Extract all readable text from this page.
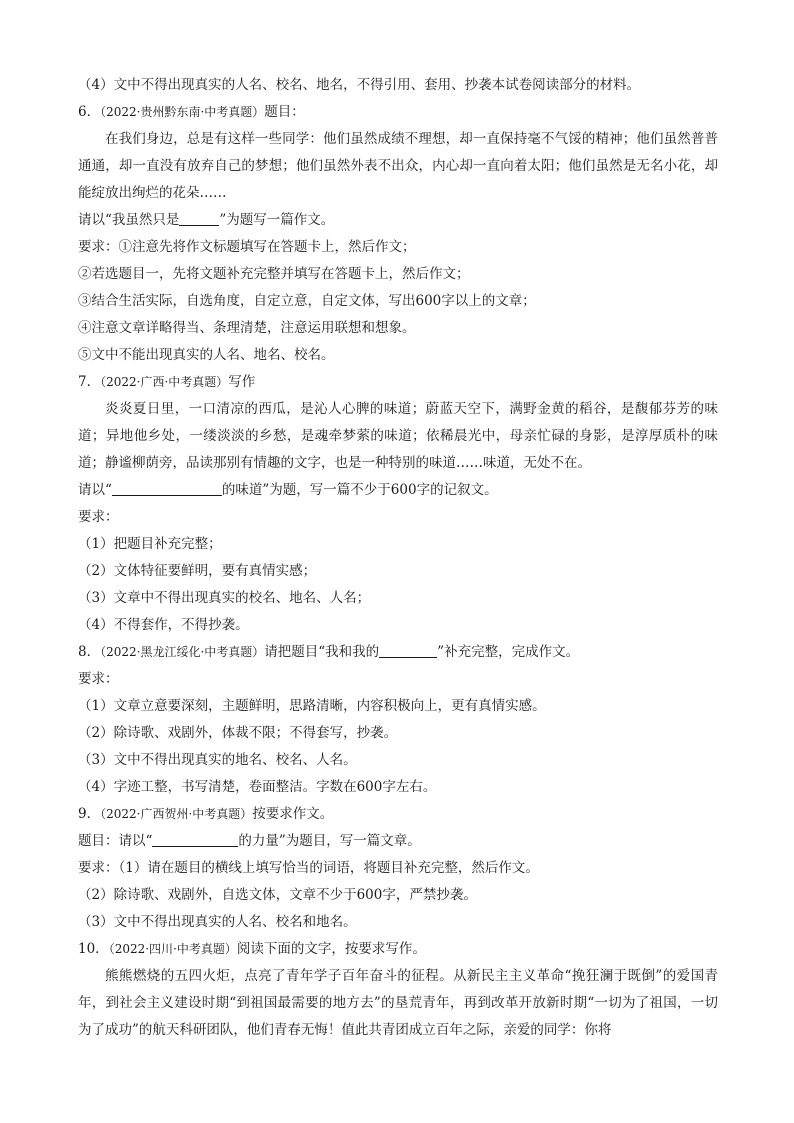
（4）文中不得出现真实的人名、校名、地名，不得引用、套用、抄袭本试卷阅读部分的材料。
6．（2022·贵州黔东南·中考真题）题目：

在我们身边，总是有这样一些同学：他们虽然成绩不理想，却一直保持毫不气馁的精神；他们虽然普普通通，却一直没有放弃自己的梦想；他们虽然外表不出众，内心却一直向着太阳；他们虽然是无名小花，却能绽放出绚烂的花朵……

请以“我虽然只是	”为题写一篇作文。
要求：①注意先将作文标题填写在答题卡上，然后作文；
②若选题目一，先将文题补充完整并填写在答题卡上，然后作文；
③结合生活实际，自选角度，自定立意，自定文体，写出600字以上的文章；
④注意文章详略得当、条理清楚，注意运用联想和想象。
⑤文中不能出现真实的人名、地名、校名。
7．（2022·广西·中考真题）写作

炎炎夏日里，一口清凉的西瓜，是沁人心脾的味道；蔚蓝天空下，满野金黄的稻谷，是馥郁芬芳的味道；异地他乡处，一缕淡淡的乡愁，是魂牵梦萦的味道；依稀晨光中，母亲忙碌的身影，是淳厚质朴的味道；静谧柳荫旁，品读那别有情趣的文字，也是一种特别的味道……味道，无处不在。

请以“	的味道”为题，写一篇不少于600字的记叙文。
要求：
（1）把题目补充完整；
（2）文体特征要鲜明，要有真情实感；
（3）文章中不得出现真实的校名、地名、人名；
（4）不得套作，不得抄袭。
8．（2022·黑龙江绥化·中考真题）请把题目“我和我的	”补充完整，完成作文。
要求：
（1）文章立意要深刻，主题鲜明，思路清晰，内容积极向上，更有真情实感。
（2）除诗歌、戏剧外，体裁不限；不得套写，抄袭。
（3）文中不得出现真实的地名、校名、人名。
（4）字迹工整，书写清楚，卷面整洁。字数在600字左右。
9．（2022·广西贺州·中考真题）按要求作文。
题目：请以“	的力量”为题目，写一篇文章。
要求：（1）请在题目的横线上填写恰当的词语，将题目补充完整，然后作文。
（2）除诗歌、戏剧外，自选文体，文章不少于600字，严禁抄袭。
（3）文中不得出现真实的人名、校名和地名。
10．（2022·四川·中考真题）阅读下面的文字，按要求写作。

熊熊燃烧的五四火炬，点亮了青年学子百年奋斗的征程。从新民主主义革命“挽狂澜于既倒”的爱国青年，到社会主义建设时期“到祖国最需要的地方去”的垦荒青年，再到改革开放新时期“一切为了祖国，一切为了成功”的航天科研团队，他们青春无悔！值此共青团成立百年之际，亲爱的同学：你将
